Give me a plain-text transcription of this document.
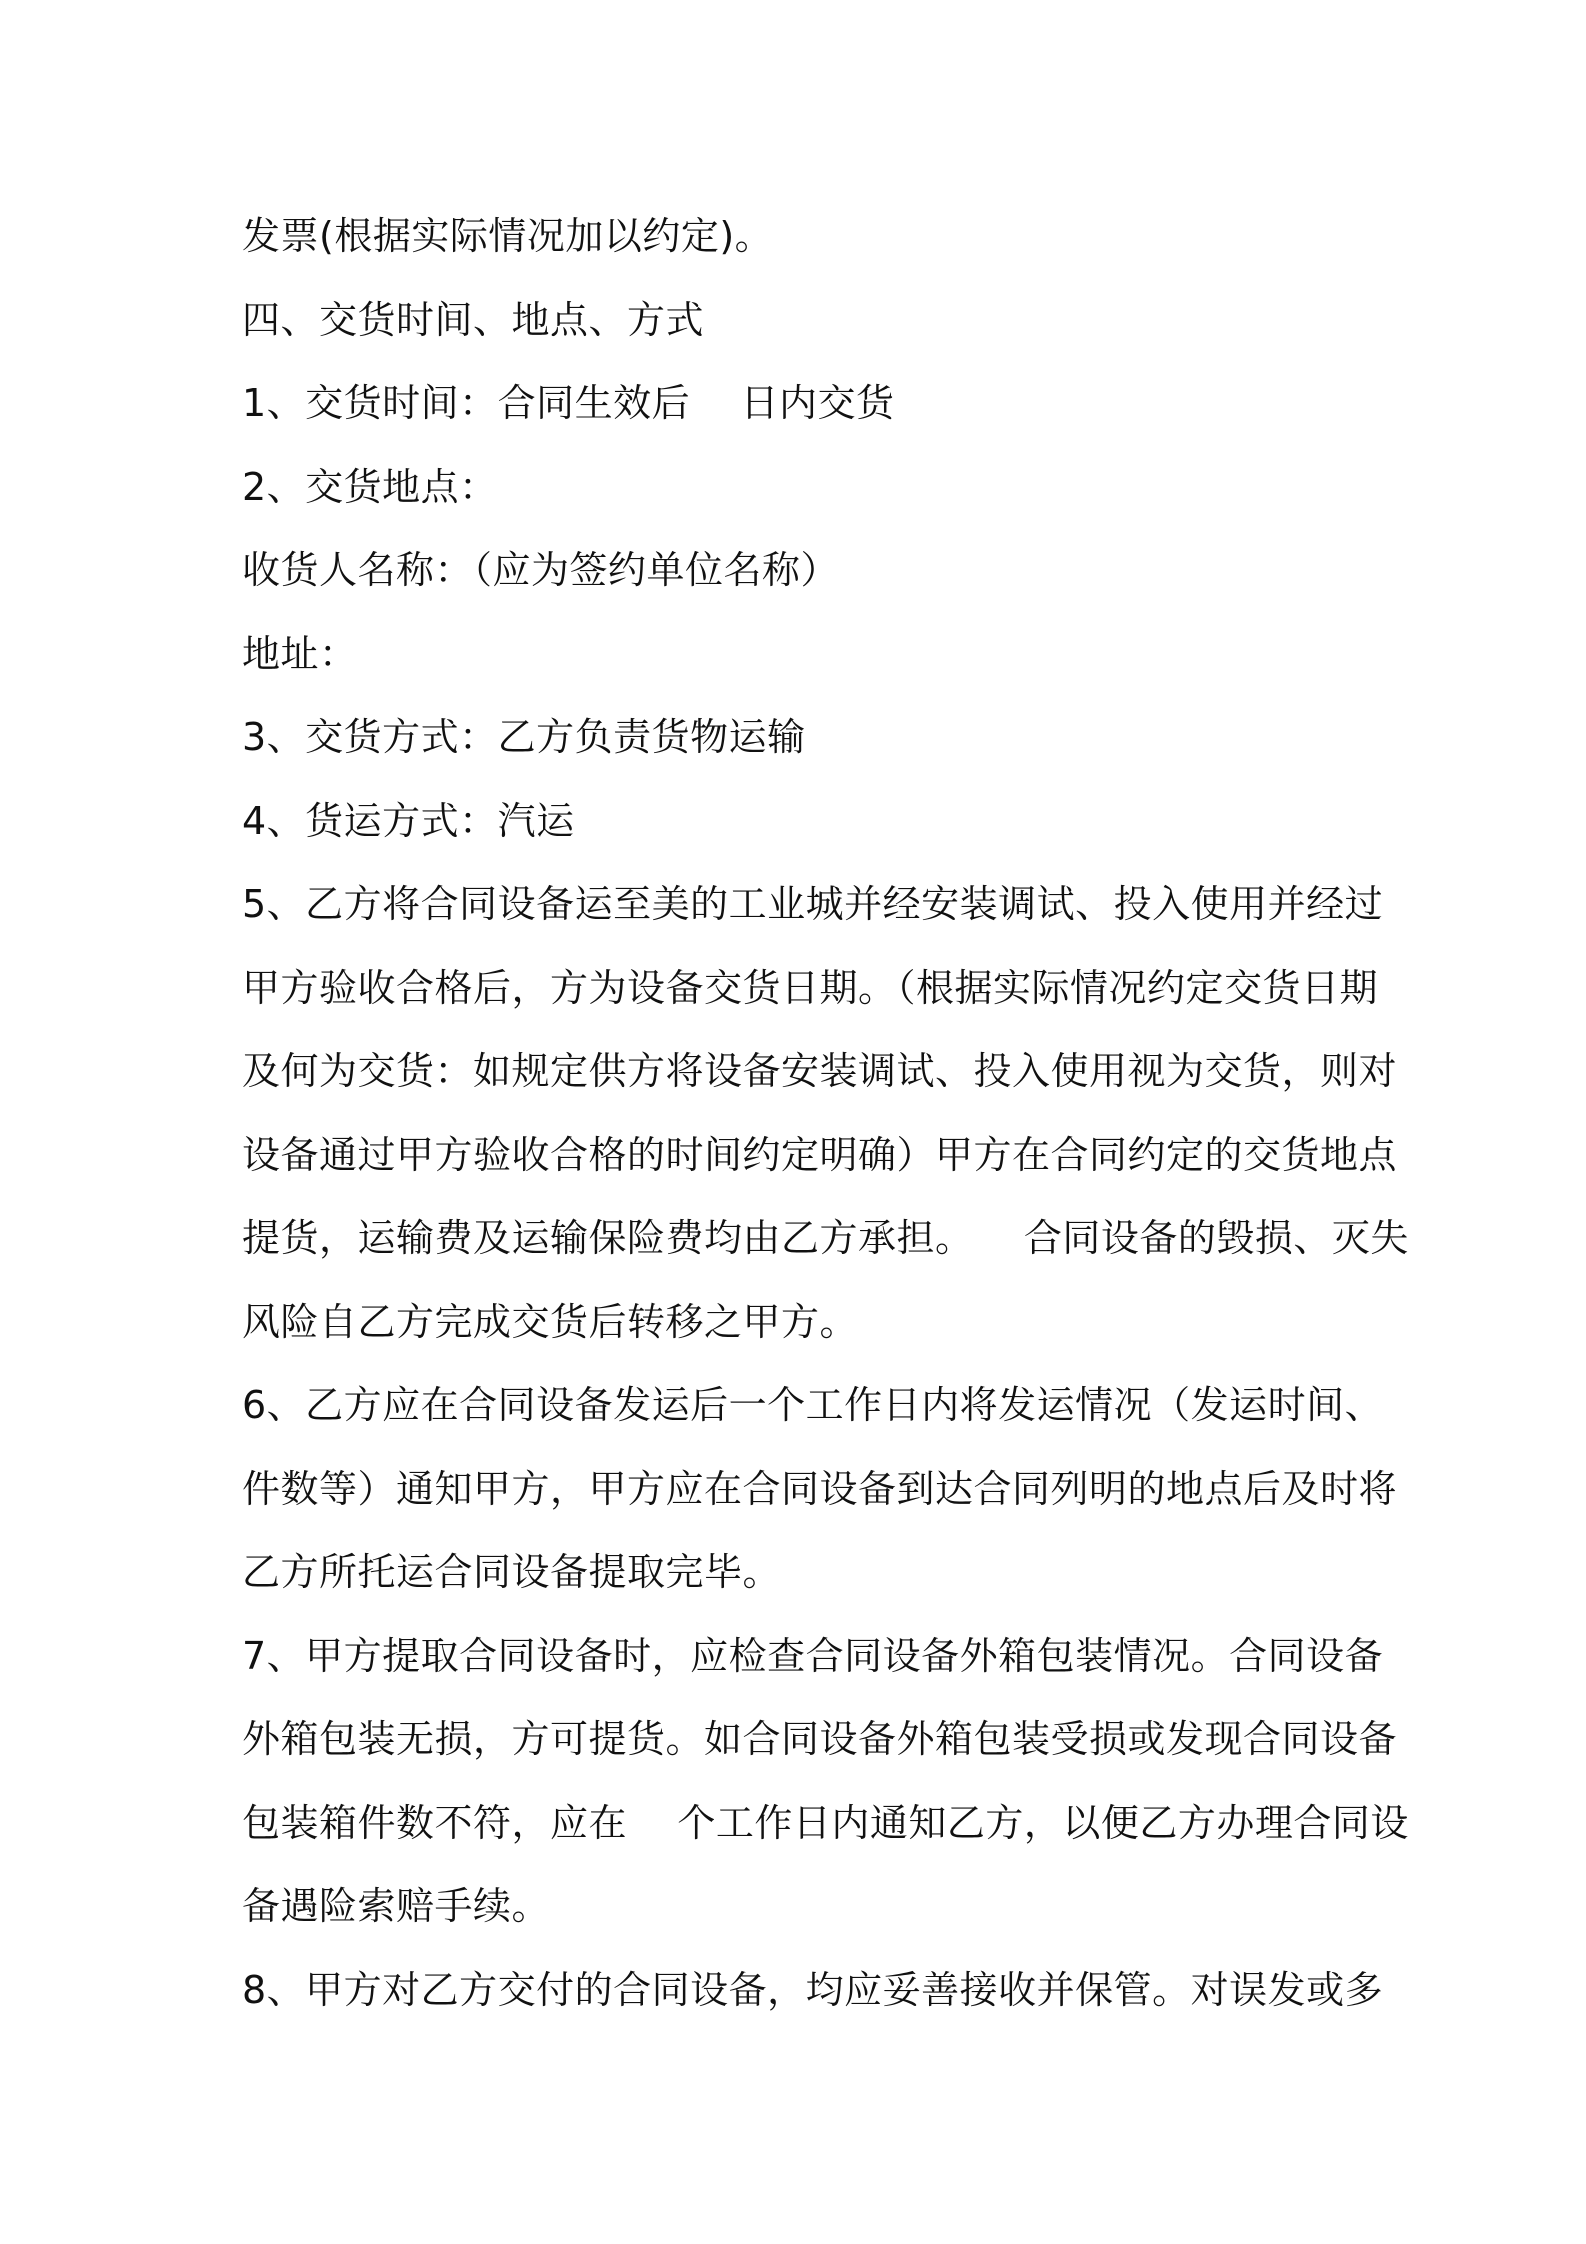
发票(根据实际情况加以约定)。
四、交货时间、地点、方式
1、交货时间：合同生效后    日内交货
2、交货地点：
收货人名称：（应为签约单位名称）
地址：
3、交货方式：乙方负责货物运输
4、货运方式：汽运
5、乙方将合同设备运至美的工业城并经安装调试、投入使用并经过
甲方验收合格后，方为设备交货日期。（根据实际情况约定交货日期
及何为交货：如规定供方将设备安装调试、投入使用视为交货，则对
设备通过甲方验收合格的时间约定明确）甲方在合同约定的交货地点
提货，运输费及运输保险费均由乙方承担。    合同设备的毁损、灭失
风险自乙方完成交货后转移之甲方。
6、乙方应在合同设备发运后一个工作日内将发运情况（发运时间、
件数等）通知甲方，甲方应在合同设备到达合同列明的地点后及时将
乙方所托运合同设备提取完毕。
7、甲方提取合同设备时，应检查合同设备外箱包装情况。合同设备
外箱包装无损，方可提货。如合同设备外箱包装受损或发现合同设备
包装箱件数不符，应在    个工作日内通知乙方，以便乙方办理合同设
备遇险索赔手续。
8、甲方对乙方交付的合同设备，均应妥善接收并保管。对误发或多
